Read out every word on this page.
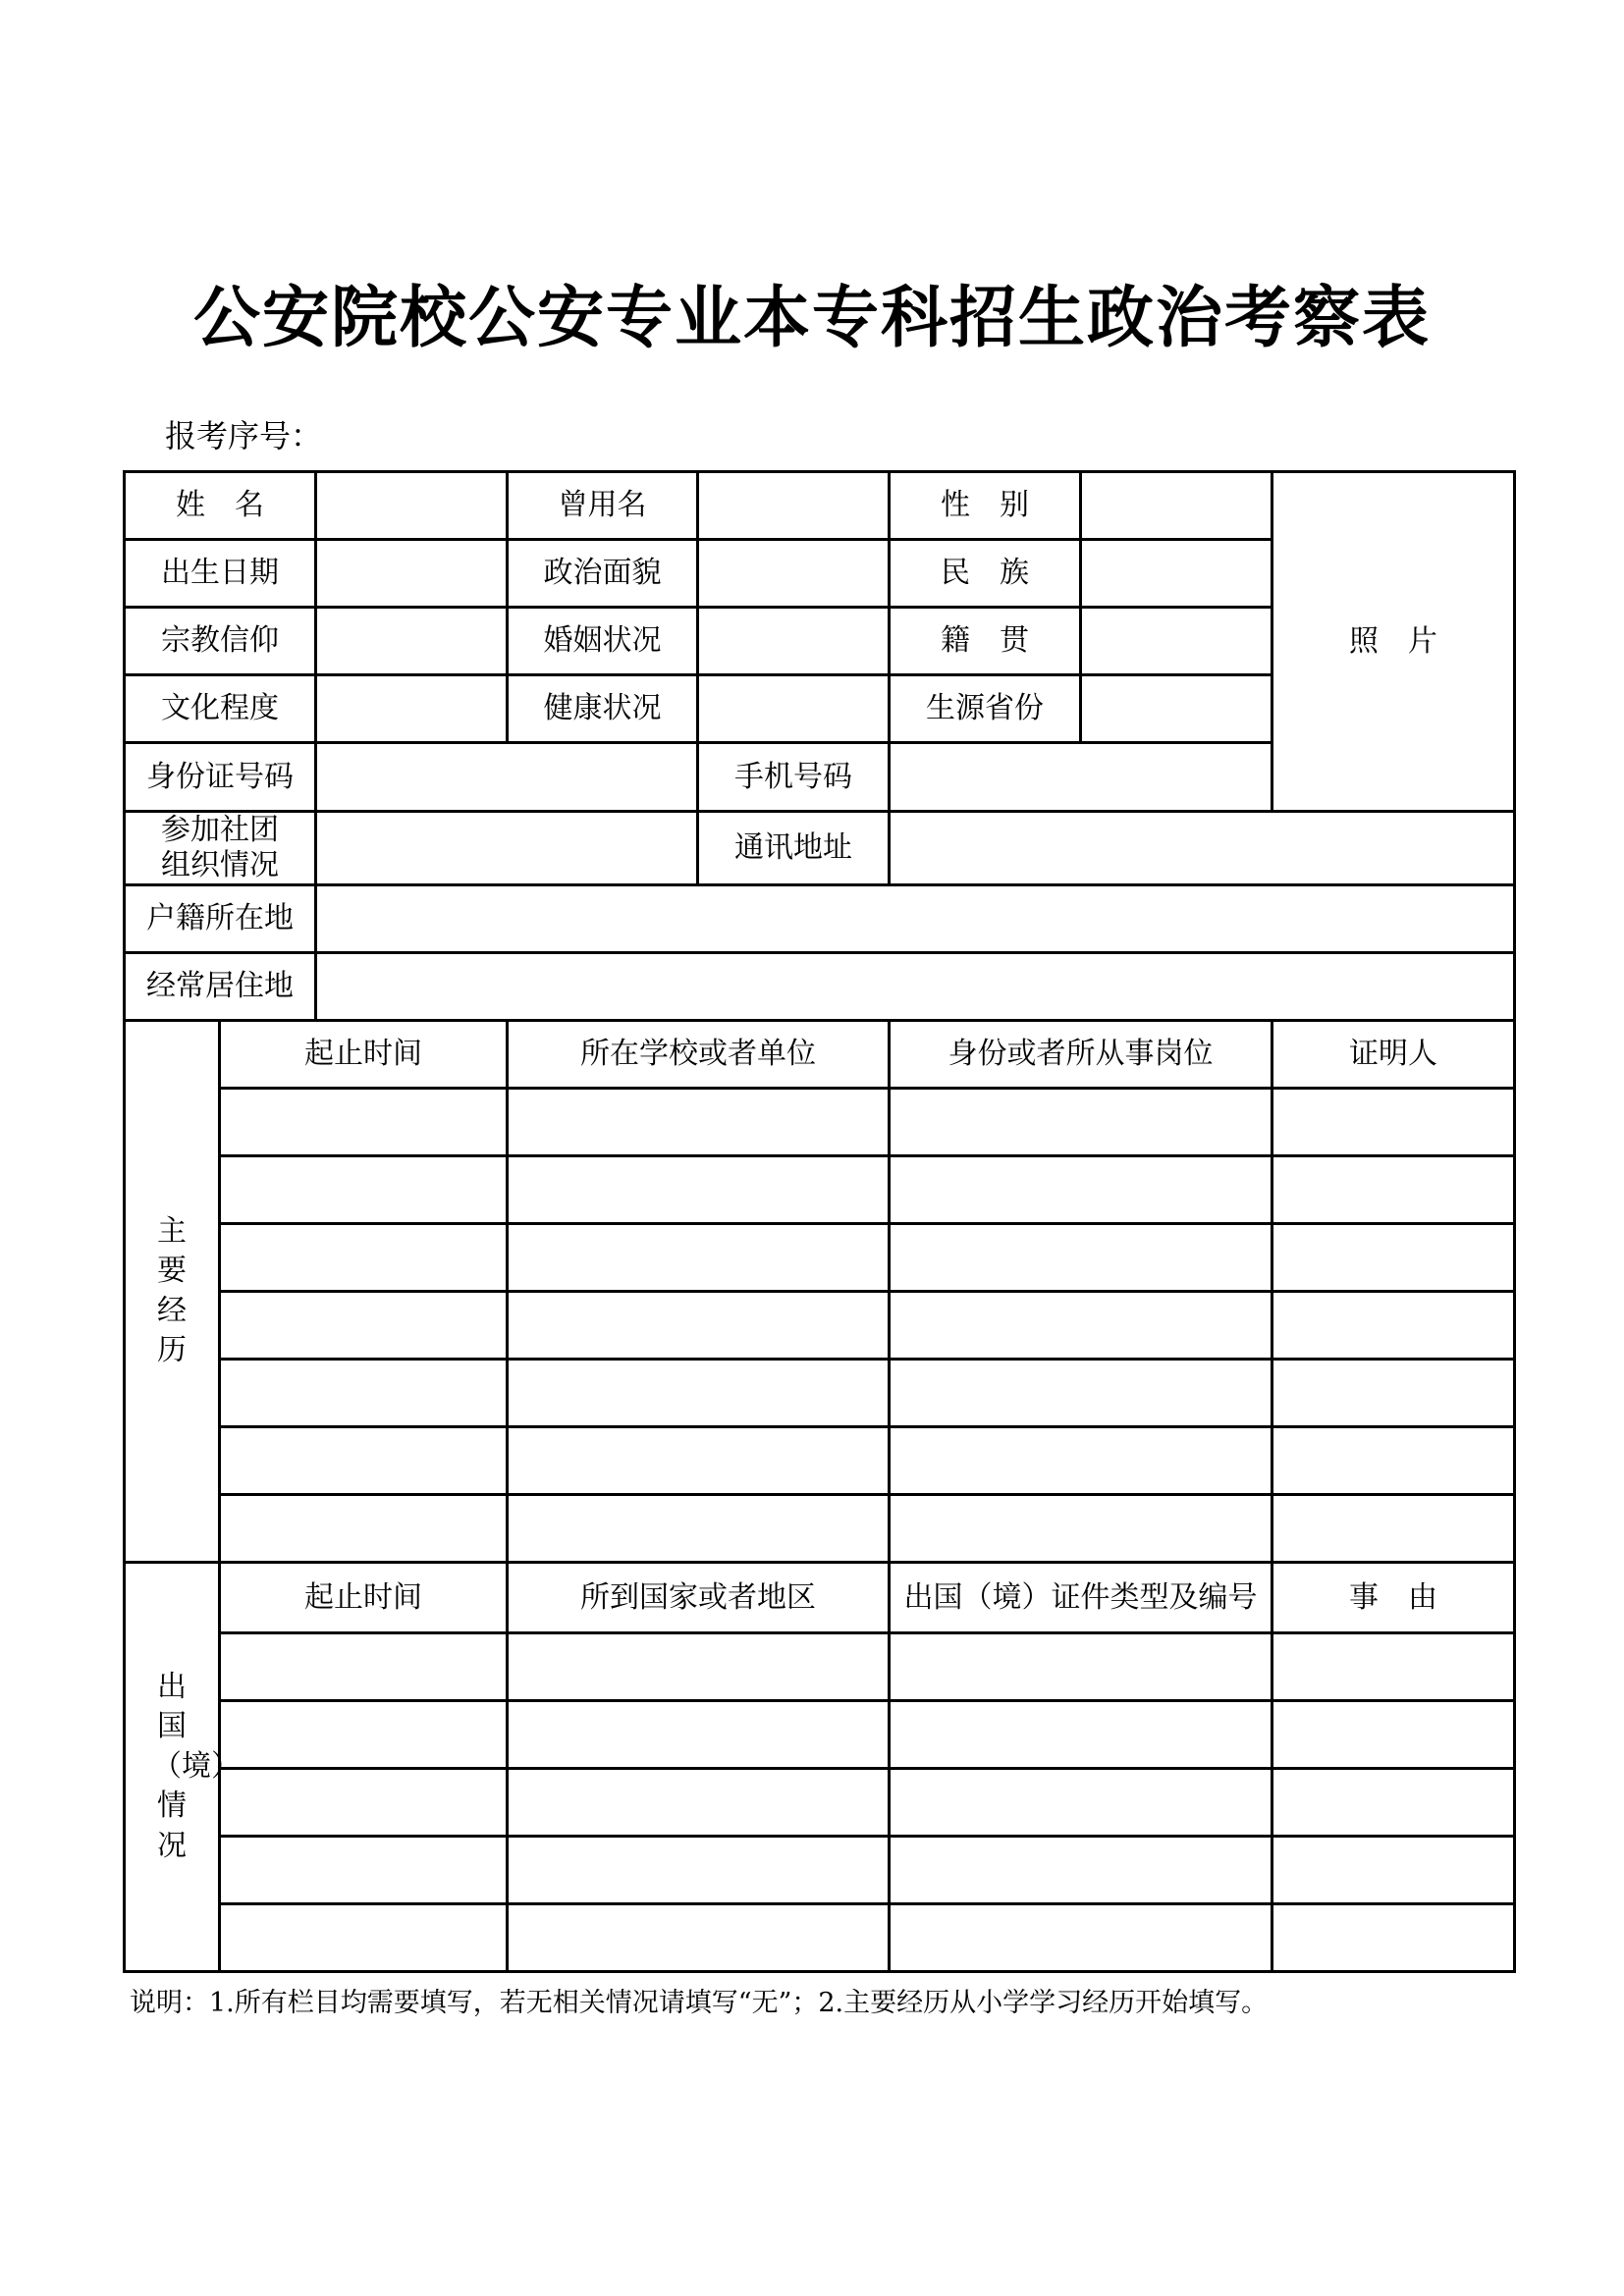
公安院校公安专业本专科招生政治考察表
报考序号：
姓　名			曾用名		性　别		照　片
出生日期			政治面貌		民　族		
宗教信仰			婚姻状况		籍　贯		
文化程度			健康状况		生源省份		
身份证号码				手机号码			

参加社团
组织情况				通讯地址			
户籍所在地							
经常居住地							
主要经历	起止时间		所在学校或者单位		身份或者所从事岗位		证明人

出国（境）情况	起止时间		所到国家或者地区		出国（境）证件类型及编号		事　由

说明：1.所有栏目均需要填写，若无相关情况请填写“无”；2.主要经历从小学学习经历开始填写。
